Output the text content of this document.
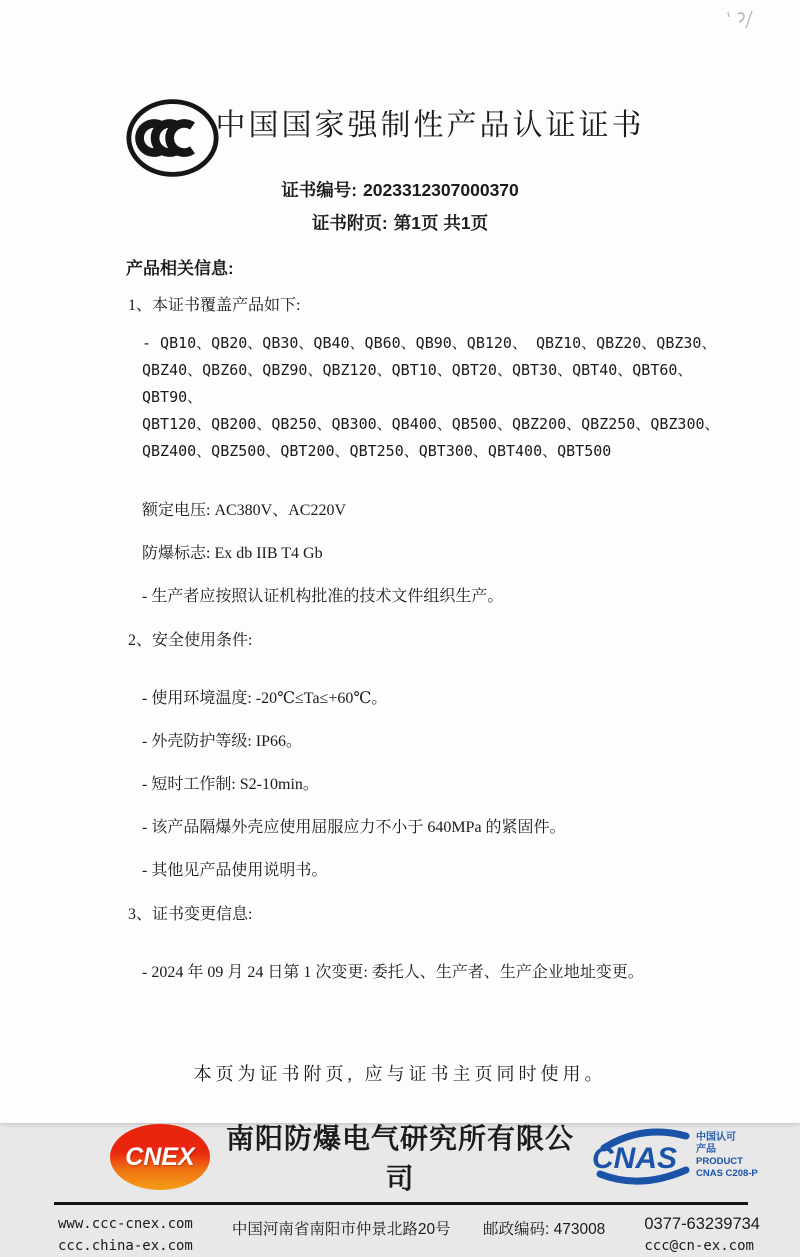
中国国家强制性产品认证证书
证书编号: 2023312307000370
证书附页: 第1页 共1页
产品相关信息:
1、本证书覆盖产品如下:
- QB10、QB20、QB30、QB40、QB60、QB90、QB120、 QBZ10、QBZ20、QBZ30、
QBZ40、QBZ60、QBZ90、QBZ120、QBT10、QBT20、QBT30、QBT40、QBT60、QBT90、
QBT120、QB200、QB250、QB300、QB400、QB500、QBZ200、QBZ250、QBZ300、
QBZ400、QBZ500、QBT200、QBT250、QBT300、QBT400、QBT500
额定电压: AC380V、AC220V
防爆标志: Ex db IIB T4 Gb
- 生产者应按照认证机构批准的技术文件组织生产。
2、安全使用条件:
- 使用环境温度: -20℃≤Ta≤+60℃。
- 外壳防护等级: IP66。
- 短时工作制: S2-10min。
- 该产品隔爆外壳应使用屈服应力不小于 640MPa 的紧固件。
- 其他见产品使用说明书。
3、证书变更信息:
- 2024 年 09 月 24 日第 1 次变更: 委托人、生产者、生产企业地址变更。
本页为证书附页, 应与证书主页同时使用。
CNEX
南阳防爆电气研究所有限公司
CNAS
中国认可
产品
PRODUCT
CNAS C208-P
www.ccc-cnex.com
ccc.china-ex.com
中国河南省南阳市仲景北路20号 邮政编码: 473008 0377-63239734
ccc@cn-ex.com
